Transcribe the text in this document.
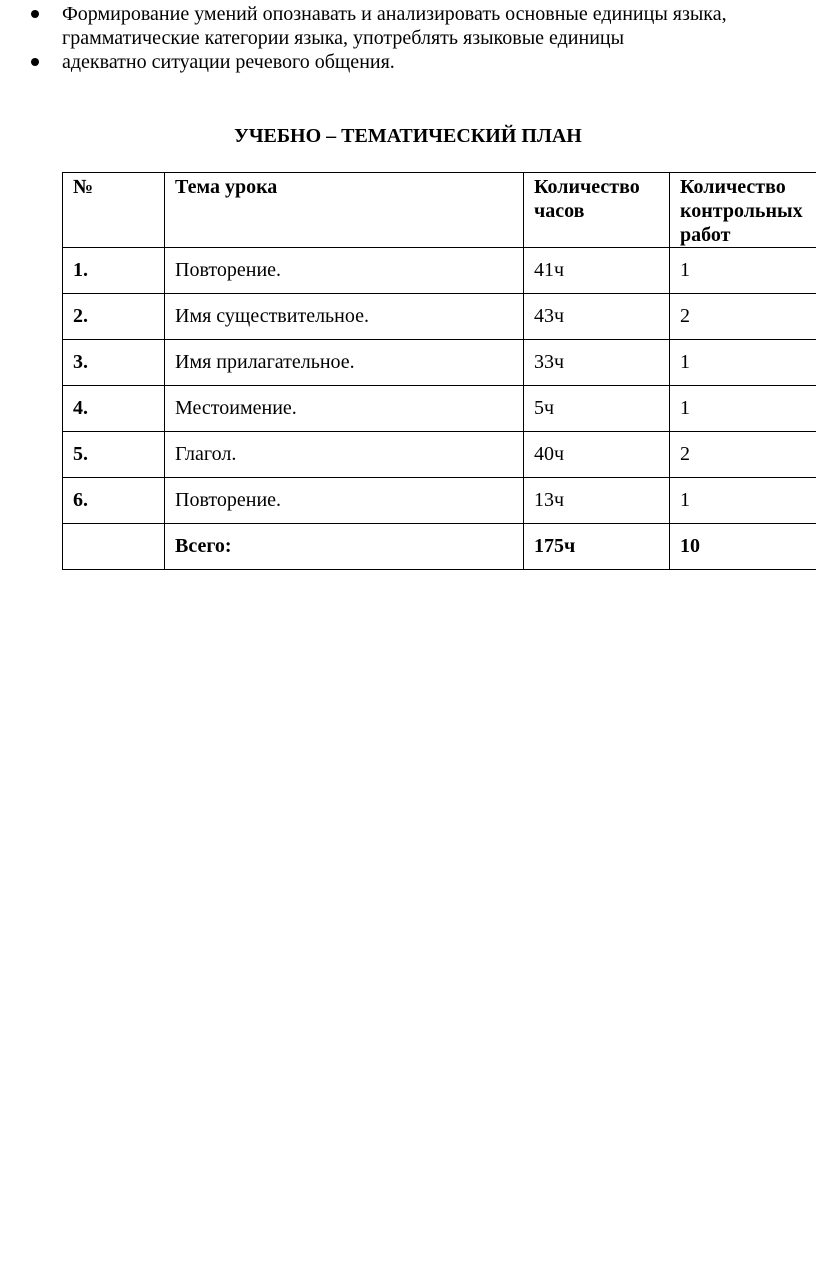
Формирование умений опознавать и анализировать основные единицы языка, грамматические категории языка, употреблять языковые единицы
адекватно ситуации речевого общения.
УЧЕБНО – ТЕМАТИЧЕСКИЙ ПЛАН
№	Тема урока	Количество часов	Количество контрольных работ
1.	Повторение.	41ч	1
2.	Имя существительное.	43ч	2
3.	Имя прилагательное.	33ч	1
4.	Местоимение.	5ч	1
5.	Глагол.	40ч	2
6.	Повторение.	13ч	1
	Всего:	175ч	10
